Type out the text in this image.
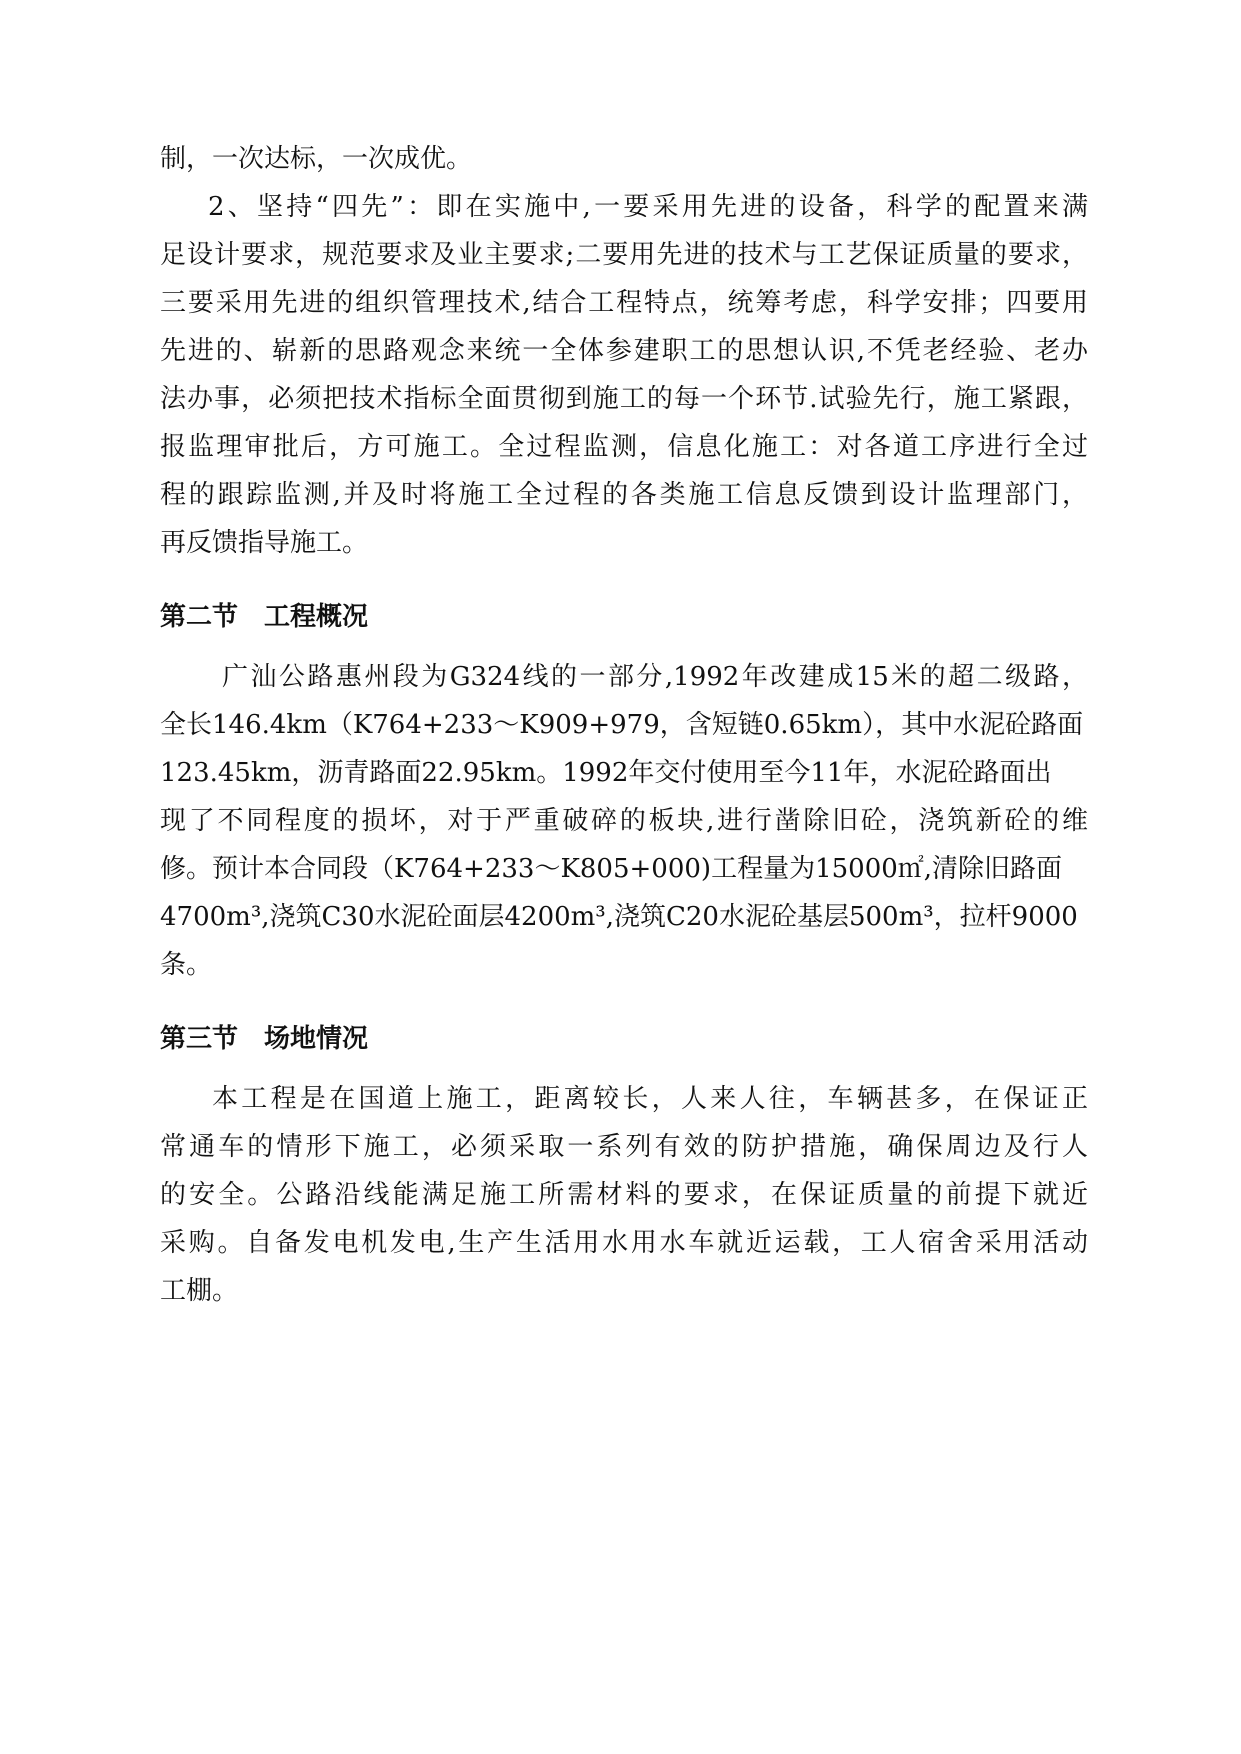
制，一次达标，一次成优。
2、坚持“四先”：即在实施中,一要采用先进的设备，科学的配置来满
足设计要求，规范要求及业主要求;二要用先进的技术与工艺保证质量的要求，
三要采用先进的组织管理技术,结合工程特点，统筹考虑，科学安排；四要用
先进的、崭新的思路观念来统一全体参建职工的思想认识,不凭老经验、老办
法办事，必须把技术指标全面贯彻到施工的每一个环节.试验先行，施工紧跟，
报监理审批后，方可施工。全过程监测，信息化施工：对各道工序进行全过
程的跟踪监测,并及时将施工全过程的各类施工信息反馈到设计监理部门，
再反馈指导施工。
第二节　工程概况
广汕公路惠州段为G324线的一部分,1992年改建成15米的超二级路，
全长146.4km（K764+233～K909+979，含短链0.65km），其中水泥砼路面
123.45km，沥青路面22.95km。1992年交付使用至今11年，水泥砼路面出
现了不同程度的损坏，对于严重破碎的板块,进行凿除旧砼，浇筑新砼的维
修。预计本合同段（K764+233～K805+000)工程量为15000㎡,清除旧路面
4700m³,浇筑C30水泥砼面层4200m³,浇筑C20水泥砼基层500m³，拉杆9000
条。
第三节　场地情况
本工程是在国道上施工，距离较长，人来人往，车辆甚多，在保证正
常通车的情形下施工，必须采取一系列有效的防护措施，确保周边及行人
的安全。公路沿线能满足施工所需材料的要求，在保证质量的前提下就近
采购。自备发电机发电,生产生活用水用水车就近运载，工人宿舍采用活动
工棚。
